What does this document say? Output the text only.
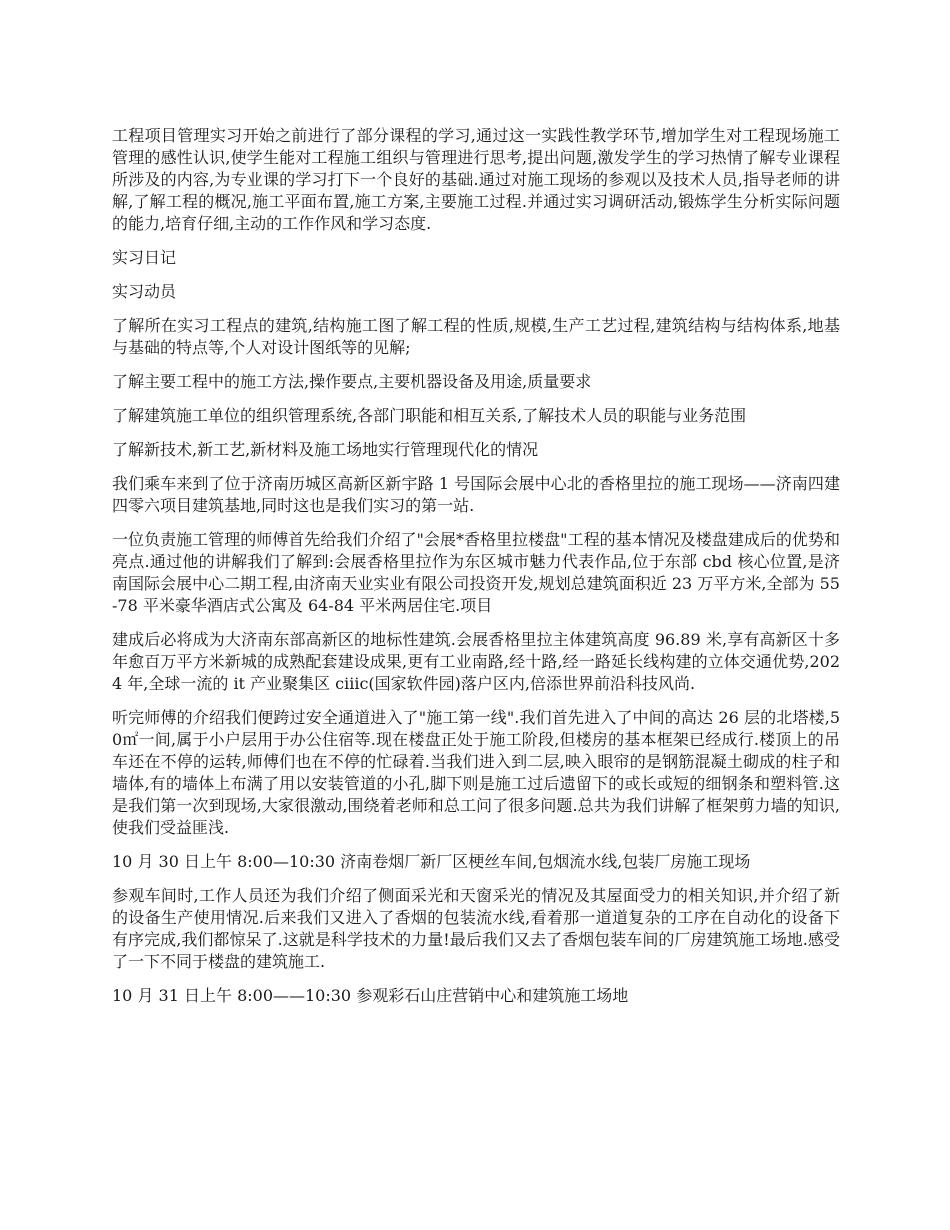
工程项目管理实习开始之前进行了部分课程的学习,通过这一实践性教学环节,增加学生对工程现场施工管理的感性认识,使学生能对工程施工组织与管理进行思考,提出问题,激发学生的学习热情了解专业课程所涉及的内容,为专业课的学习打下一个良好的基础.通过对施工现场的参观以及技术人员,指导老师的讲解,了解工程的概况,施工平面布置,施工方案,主要施工过程.并通过实习调研活动,锻炼学生分析实际问题的能力,培育仔细,主动的工作作风和学习态度.

实习日记

实习动员

了解所在实习工程点的建筑,结构施工图了解工程的性质,规模,生产工艺过程,建筑结构与结构体系,地基与基础的特点等,个人对设计图纸等的见解;

了解主要工程中的施工方法,操作要点,主要机器设备及用途,质量要求

了解建筑施工单位的组织管理系统,各部门职能和相互关系,了解技术人员的职能与业务范围

了解新技术,新工艺,新材料及施工场地实行管理现代化的情况

我们乘车来到了位于济南历城区高新区新宇路 1 号国际会展中心北的香格里拉的施工现场——济南四建四零六项目建筑基地,同时这也是我们实习的第一站.

一位负责施工管理的师傅首先给我们介绍了"会展*香格里拉楼盘"工程的基本情况及楼盘建成后的优势和亮点.通过他的讲解我们了解到:会展香格里拉作为东区城市魅力代表作品,位于东部 cbd 核心位置,是济南国际会展中心二期工程,由济南天业实业有限公司投资开发,规划总建筑面积近 23 万平方米,全部为 55-78 平米豪华酒店式公寓及 64-84 平米两居住宅.项目

建成后必将成为大济南东部高新区的地标性建筑.会展香格里拉主体建筑高度 96.89 米,享有高新区十多年愈百万平方米新城的成熟配套建设成果,更有工业南路,经十路,经一路延长线构建的立体交通优势,2024 年,全球一流的 it 产业聚集区 ciiic(国家软件园)落户区内,倍添世界前沿科技风尚.

听完师傅的介绍我们便跨过安全通道进入了"施工第一线".我们首先进入了中间的高达 26 层的北塔楼,50㎡一间,属于小户层用于办公住宿等.现在楼盘正处于施工阶段,但楼房的基本框架已经成行.楼顶上的吊车还在不停的运转,师傅们也在不停的忙碌着.当我们进入到二层,映入眼帘的是钢筋混凝土砌成的柱子和墙体,有的墙体上布满了用以安装管道的小孔,脚下则是施工过后遗留下的或长或短的细钢条和塑料管.这是我们第一次到现场,大家很激动,围绕着老师和总工问了很多问题.总共为我们讲解了框架剪力墙的知识,使我们受益匪浅.

10 月 30 日上午 8:00—10:30 济南卷烟厂新厂区梗丝车间,包烟流水线,包装厂房施工现场

参观车间时,工作人员还为我们介绍了侧面采光和天窗采光的情况及其屋面受力的相关知识,并介绍了新的设备生产使用情况.后来我们又进入了香烟的包装流水线,看着那一道道复杂的工序在自动化的设备下有序完成,我们都惊呆了.这就是科学技术的力量!最后我们又去了香烟包装车间的厂房建筑施工场地.感受了一下不同于楼盘的建筑施工.

10 月 31 日上午 8:00——10:30 参观彩石山庄营销中心和建筑施工场地
